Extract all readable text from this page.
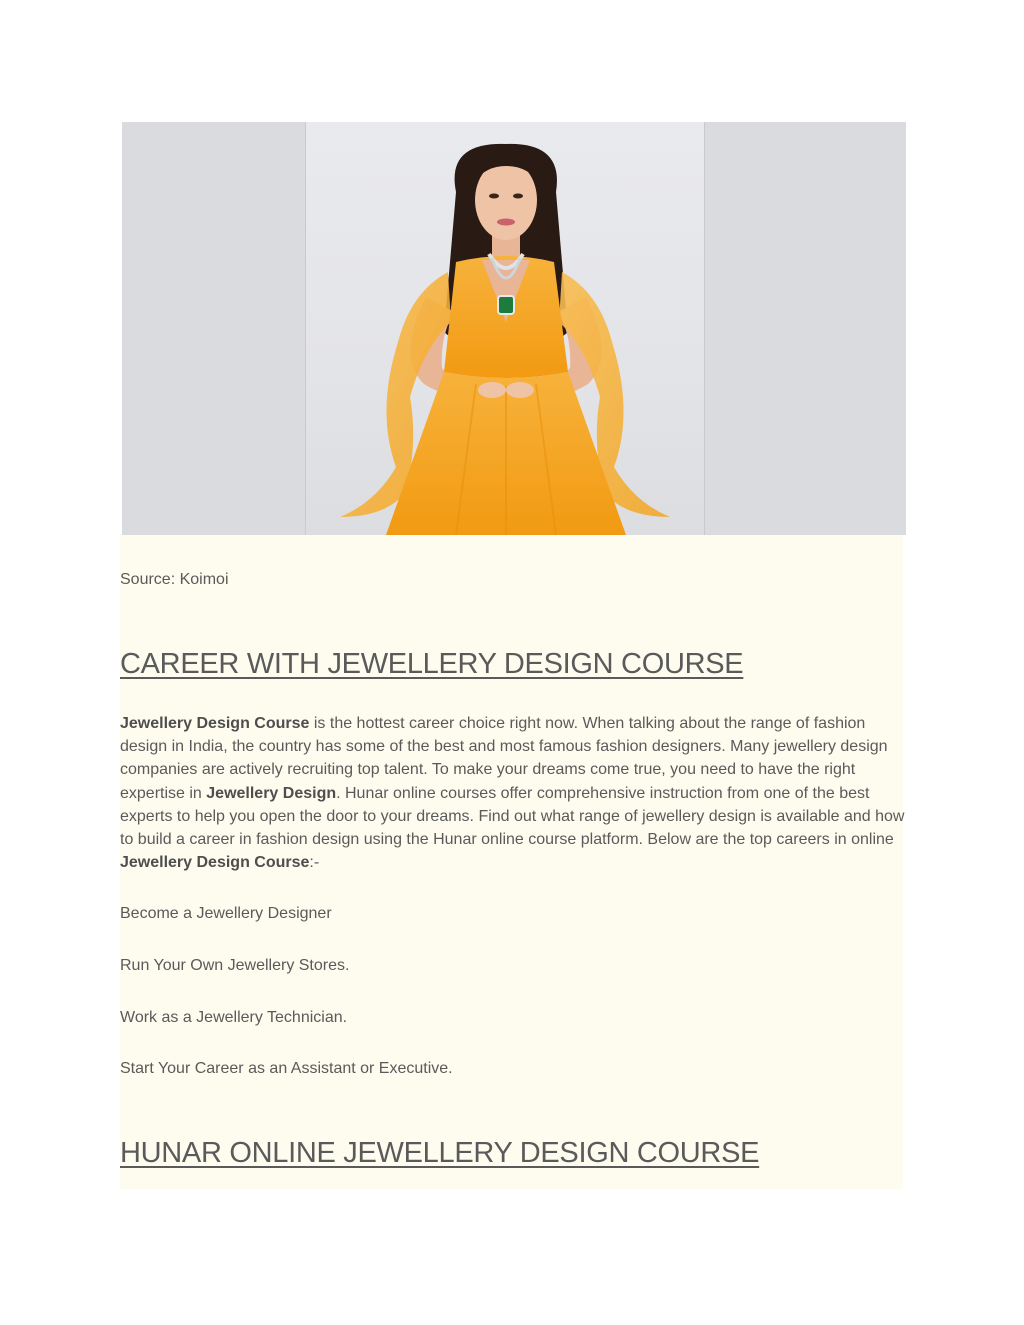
Source: Koimoi

CAREER WITH JEWELLERY DESIGN COURSE

Jewellery Design Course is the hottest career choice right now. When talking about the range of fashion design in India, the country has some of the best and most famous fashion designers. Many jewellery design companies are actively recruiting top talent. To make your dreams come true, you need to have the right expertise in Jewellery Design. Hunar online courses offer comprehensive instruction from one of the best experts to help you open the door to your dreams. Find out what range of jewellery design is available and how to build a career in fashion design using the Hunar online course platform. Below are the top careers in online Jewellery Design Course:-

Become a Jewellery Designer

Run Your Own Jewellery Stores.

Work as a Jewellery Technician.

Start Your Career as an Assistant or Executive.

HUNAR ONLINE JEWELLERY DESIGN COURSE
